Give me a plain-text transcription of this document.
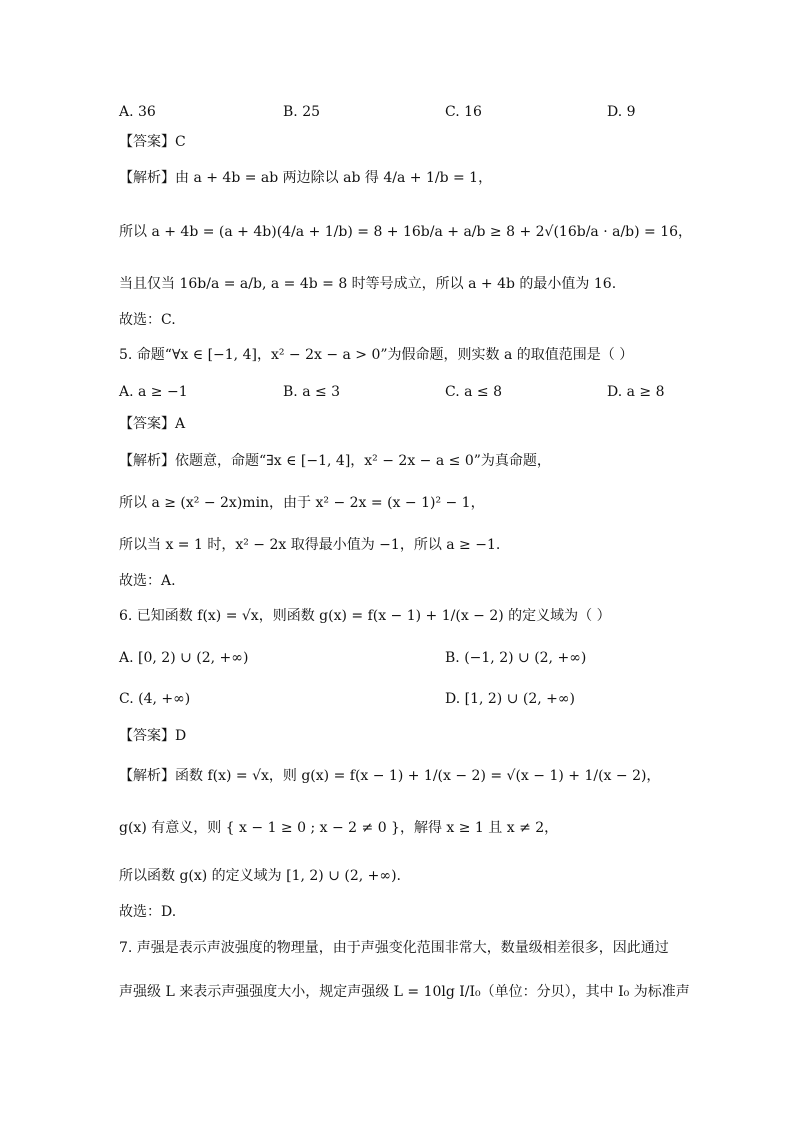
A. 36	B. 25	C. 16	D. 9
【答案】C
【解析】由 a + 4b = ab 两边除以 ab 得 4/a + 1/b = 1，
所以 a + 4b = (a + 4b)(4/a + 1/b) = 8 + 16b/a + a/b ≥ 8 + 2√(16b/a · a/b) = 16，
当且仅当 16b/a = a/b, a = 4b = 8 时等号成立，所以 a + 4b 的最小值为 16.
故选：C.
5. 命题“∀x ∈ [−1, 4]，x² − 2x − a > 0”为假命题，则实数 a 的取值范围是（ ）
A. a ≥ −1	B. a ≤ 3	C. a ≤ 8	D. a ≥ 8
【答案】A
【解析】依题意，命题“∃x ∈ [−1, 4]，x² − 2x − a ≤ 0”为真命题，
所以 a ≥ (x² − 2x)min，由于 x² − 2x = (x − 1)² − 1，
所以当 x = 1 时，x² − 2x 取得最小值为 −1，所以 a ≥ −1.
故选：A.
6. 已知函数 f(x) = √x，则函数 g(x) = f(x − 1) + 1/(x − 2) 的定义域为（ ）
A. [0, 2) ∪ (2, +∞)	B. (−1, 2) ∪ (2, +∞)
C. (4, +∞)	D. [1, 2) ∪ (2, +∞)
【答案】D
【解析】函数 f(x) = √x，则 g(x) = f(x − 1) + 1/(x − 2) = √(x − 1) + 1/(x − 2)，
g(x) 有意义，则 { x − 1 ≥ 0 ; x − 2 ≠ 0 }，解得 x ≥ 1 且 x ≠ 2，
所以函数 g(x) 的定义域为 [1, 2) ∪ (2, +∞).
故选：D.
7. 声强是表示声波强度的物理量，由于声强变化范围非常大，数量级相差很多，因此通过
声强级 L 来表示声强强度大小，规定声强级 L = 10lg I/I₀（单位：分贝），其中 I₀ 为标准声
